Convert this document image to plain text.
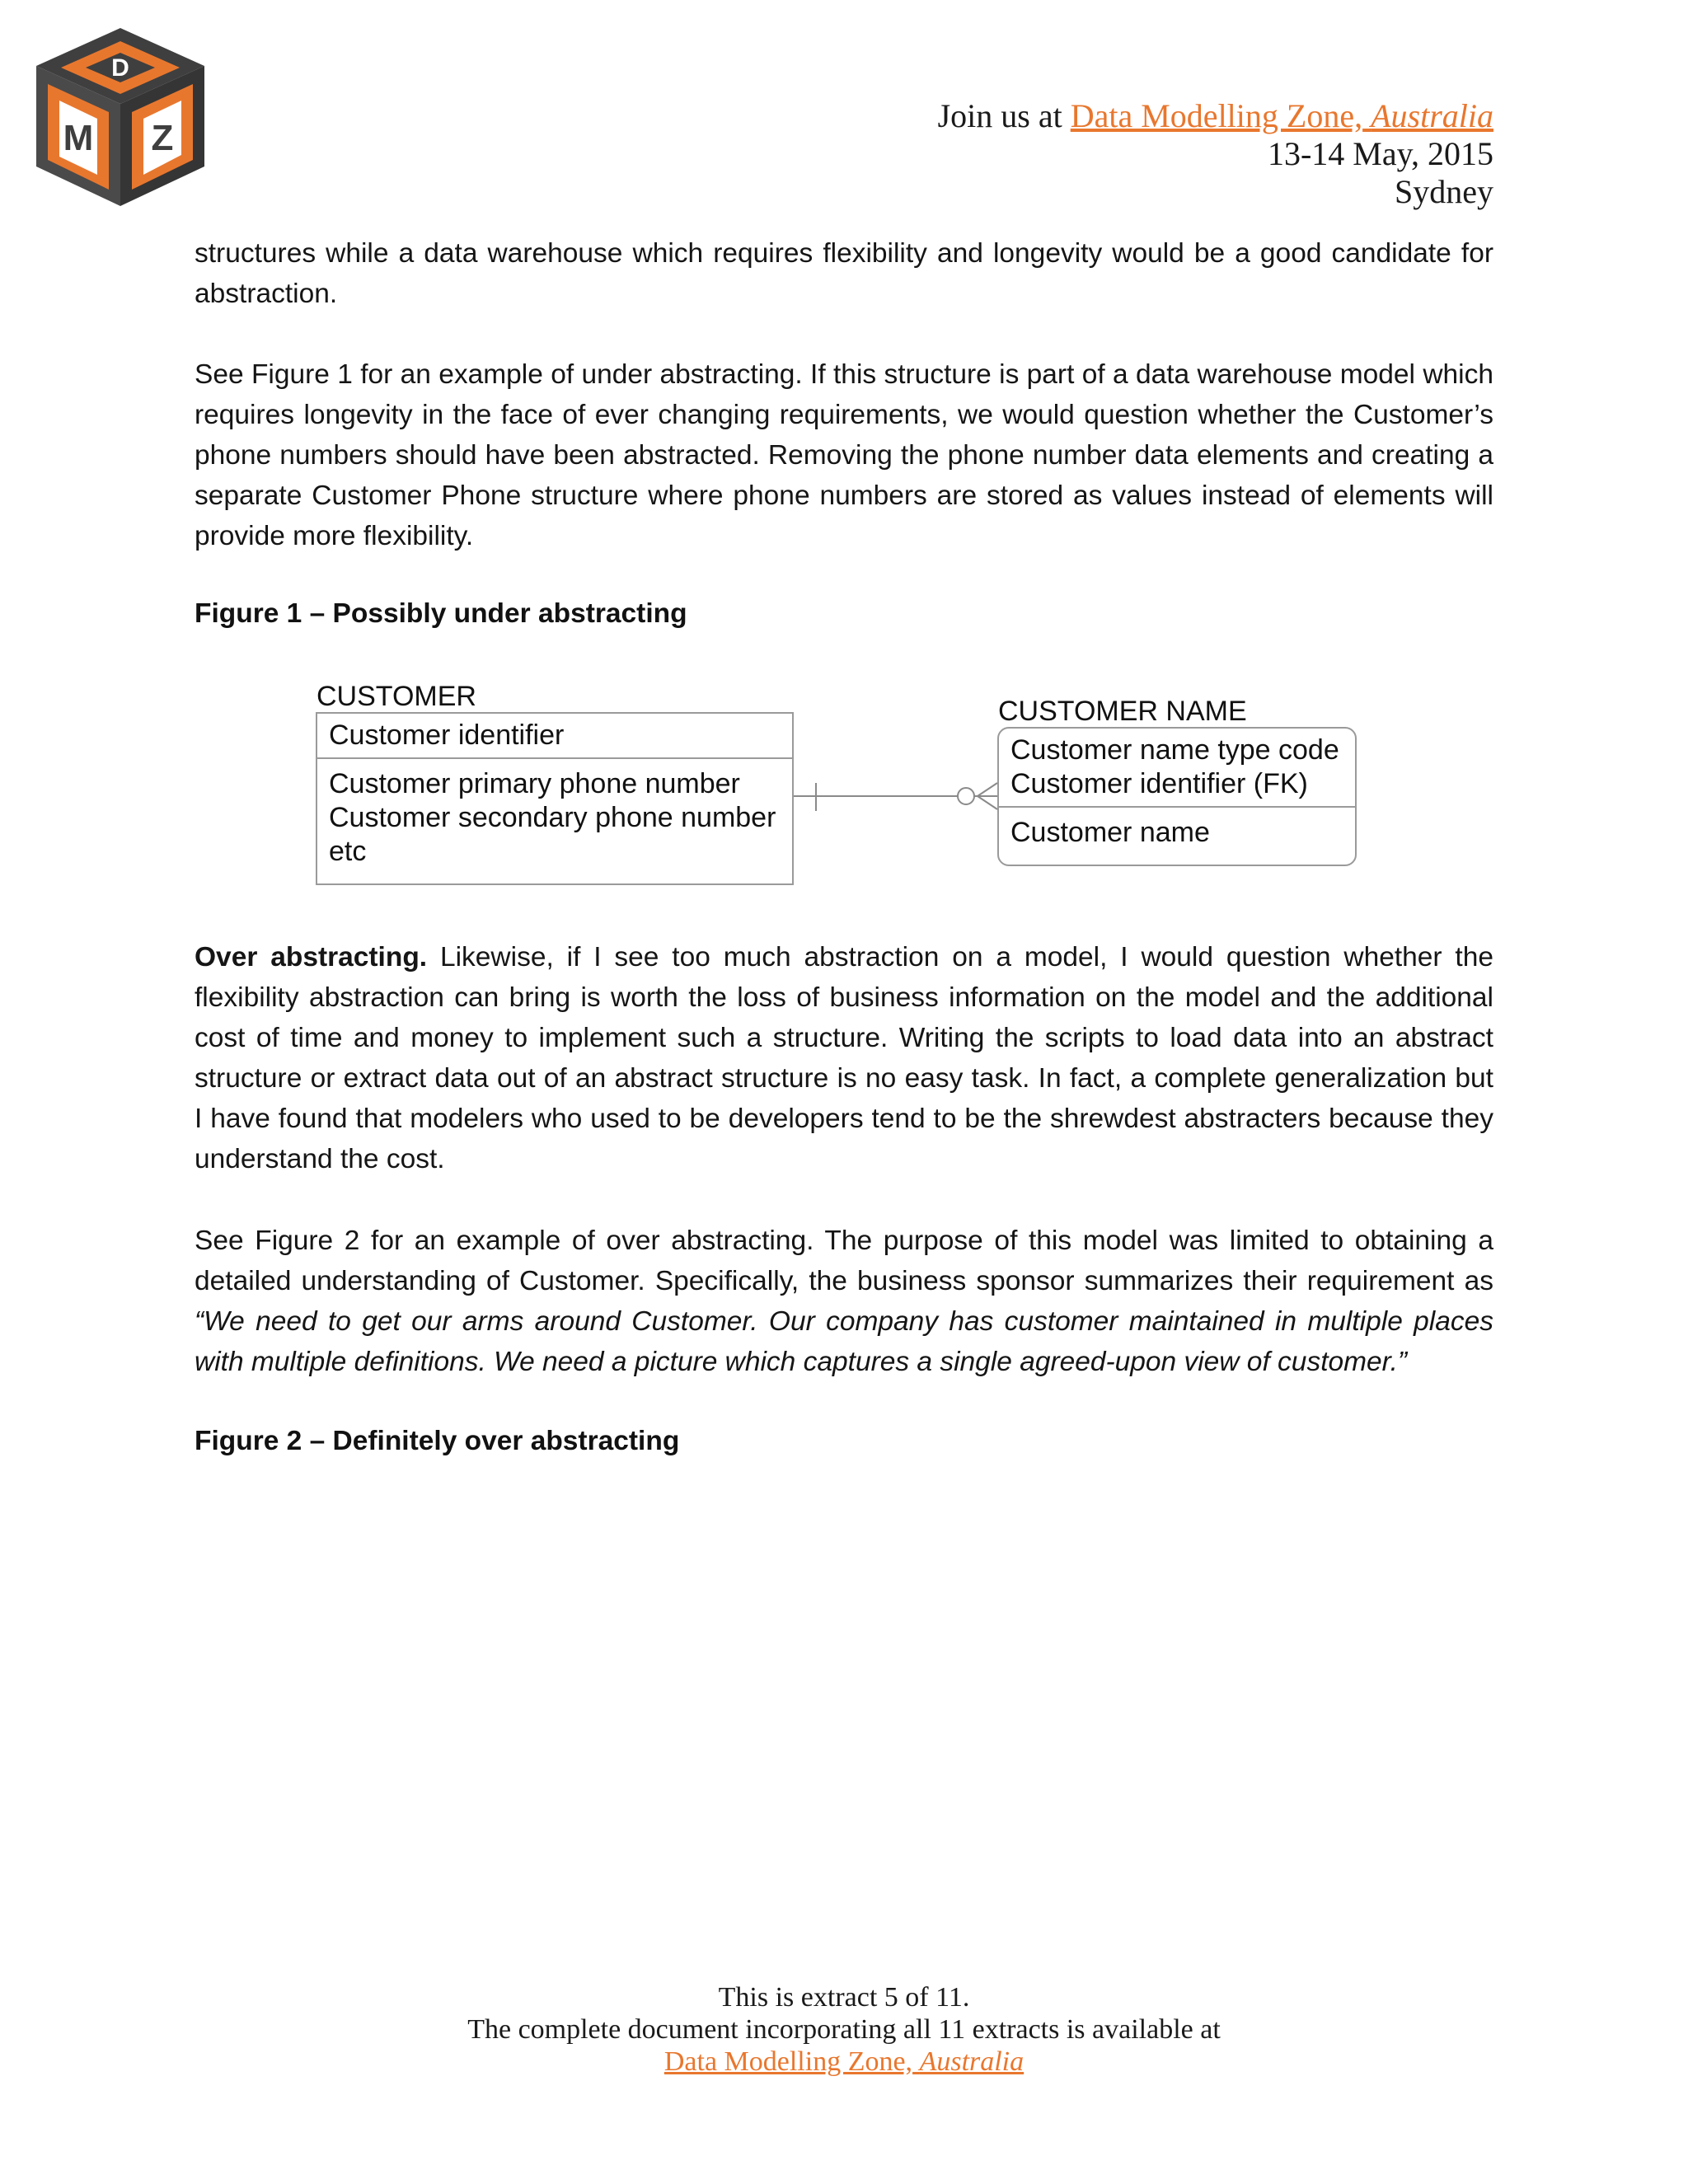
D
M Z
Join us at Data Modelling Zone, Australia
13-14 May, 2015
Sydney

structures while a data warehouse which requires flexibility and longevity would be a good candidate for abstraction.

See Figure 1 for an example of under abstracting. If this structure is part of a data warehouse model which requires longevity in the face of ever changing requirements, we would question whether the Customer’s phone numbers should have been abstracted. Removing the phone number data elements and creating a separate Customer Phone structure where phone numbers are stored as values instead of elements will provide more flexibility.

Figure 1 – Possibly under abstracting

CUSTOMER
Customer identifier
Customer primary phone number
Customer secondary phone number
etc
CUSTOMER NAME
Customer name type code
Customer identifier (FK)
Customer name

Over abstracting. Likewise, if I see too much abstraction on a model, I would question whether the flexibility abstraction can bring is worth the loss of business information on the model and the additional cost of time and money to implement such a structure. Writing the scripts to load data into an abstract structure or extract data out of an abstract structure is no easy task. In fact, a complete generalization but I have found that modelers who used to be developers tend to be the shrewdest abstracters because they understand the cost.

See Figure 2 for an example of over abstracting. The purpose of this model was limited to obtaining a detailed understanding of Customer. Specifically, the business sponsor summarizes their requirement as “We need to get our arms around Customer. Our company has customer maintained in multiple places with multiple definitions. We need a picture which captures a single agreed-upon view of customer.”

Figure 2 – Definitely over abstracting

This is extract 5 of 11.
The complete document incorporating all 11 extracts is available at
Data Modelling Zone, Australia
